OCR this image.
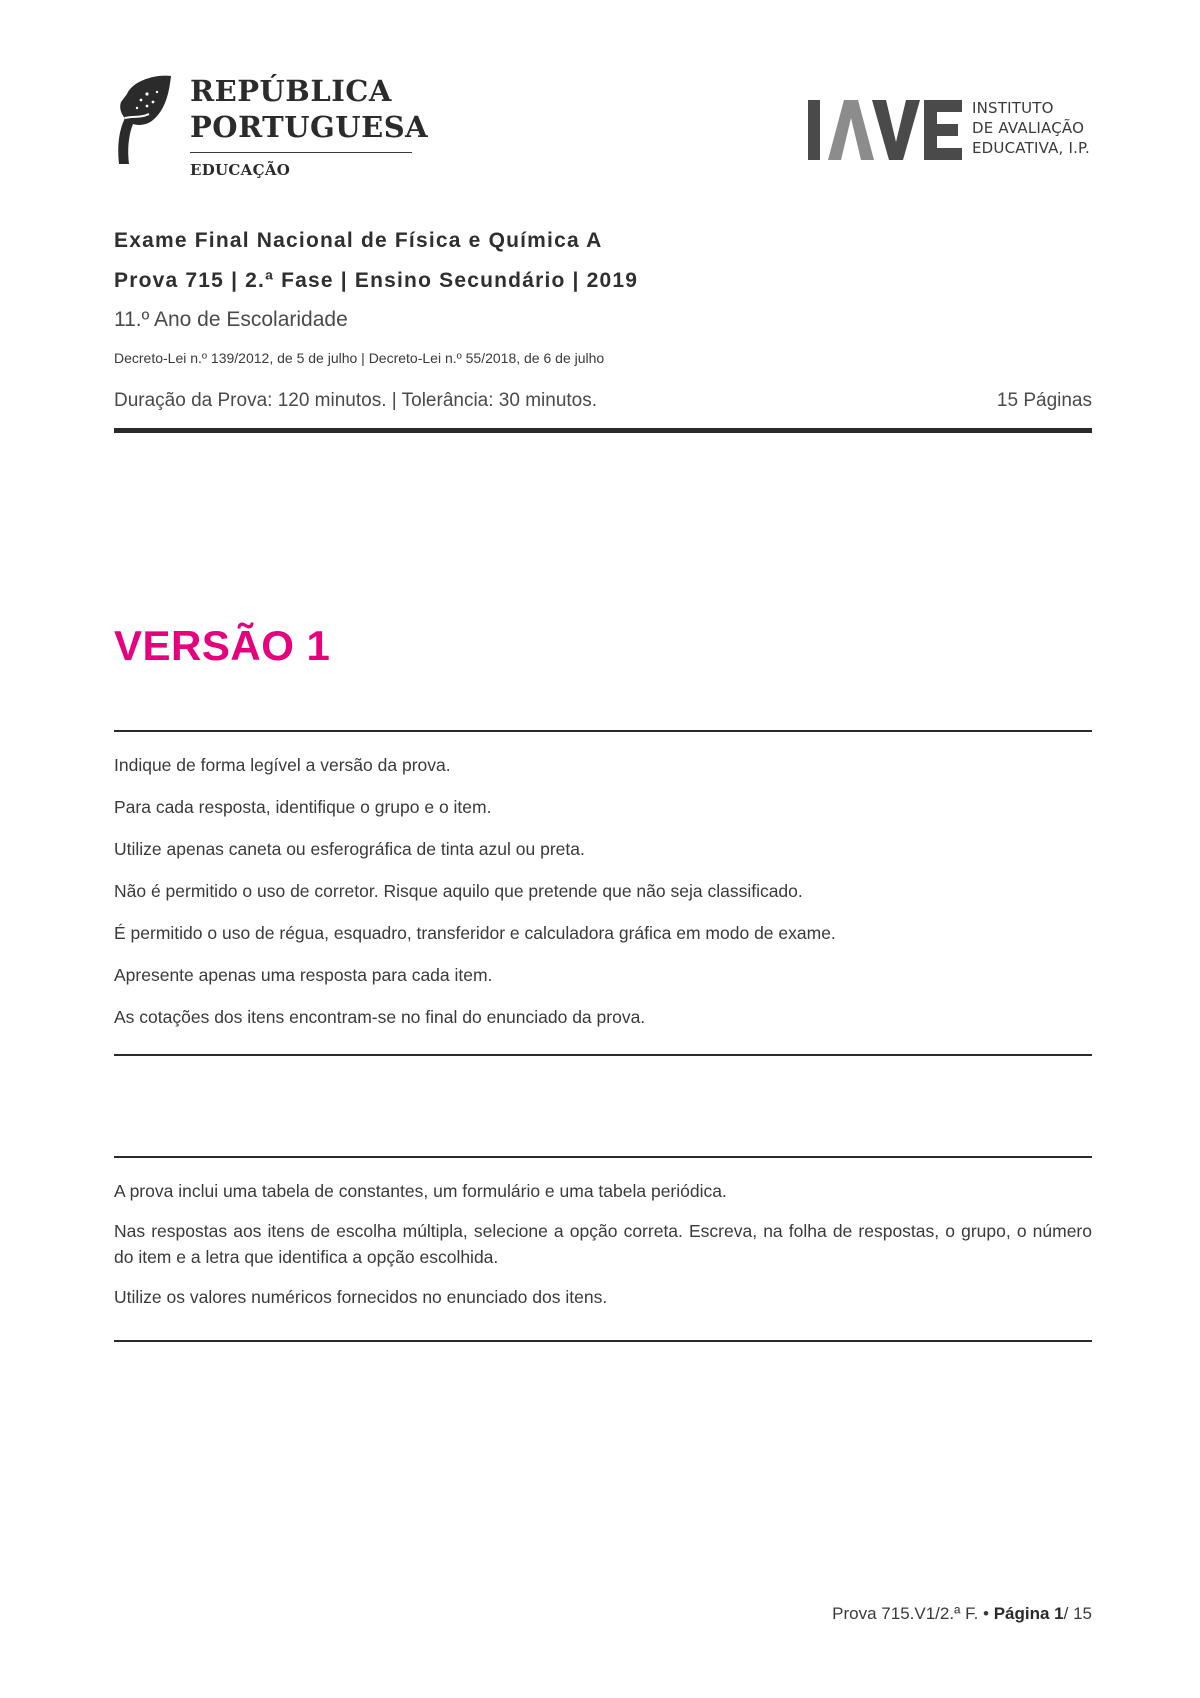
REPÚBLICA
PORTUGUESA
EDUCAÇÃO
INSTITUTO
DE AVALIAÇÃO
EDUCATIVA, I.P.
Exame Final Nacional de Física e Química A
Prova 715 | 2.ª Fase | Ensino Secundário | 2019
11.º Ano de Escolaridade
Decreto-Lei n.º 139/2012, de 5 de julho | Decreto-Lei n.º 55/2018, de 6 de julho
Duração da Prova: 120 minutos. | Tolerância: 30 minutos.	15 Páginas
VERSÃO 1

Indique de forma legível a versão da prova.

Para cada resposta, identifique o grupo e o item.

Utilize apenas caneta ou esferográfica de tinta azul ou preta.

Não é permitido o uso de corretor. Risque aquilo que pretende que não seja classificado.

É permitido o uso de régua, esquadro, transferidor e calculadora gráfica em modo de exame.

Apresente apenas uma resposta para cada item.

As cotações dos itens encontram-se no final do enunciado da prova.

A prova inclui uma tabela de constantes, um formulário e uma tabela periódica.

Nas respostas aos itens de escolha múltipla, selecione a opção correta. Escreva, na folha de respostas, o grupo, o número do item e a letra que identifica a opção escolhida.

Utilize os valores numéricos fornecidos no enunciado dos itens.

Prova 715.V1/2.ª F. • Página 1/ 15
